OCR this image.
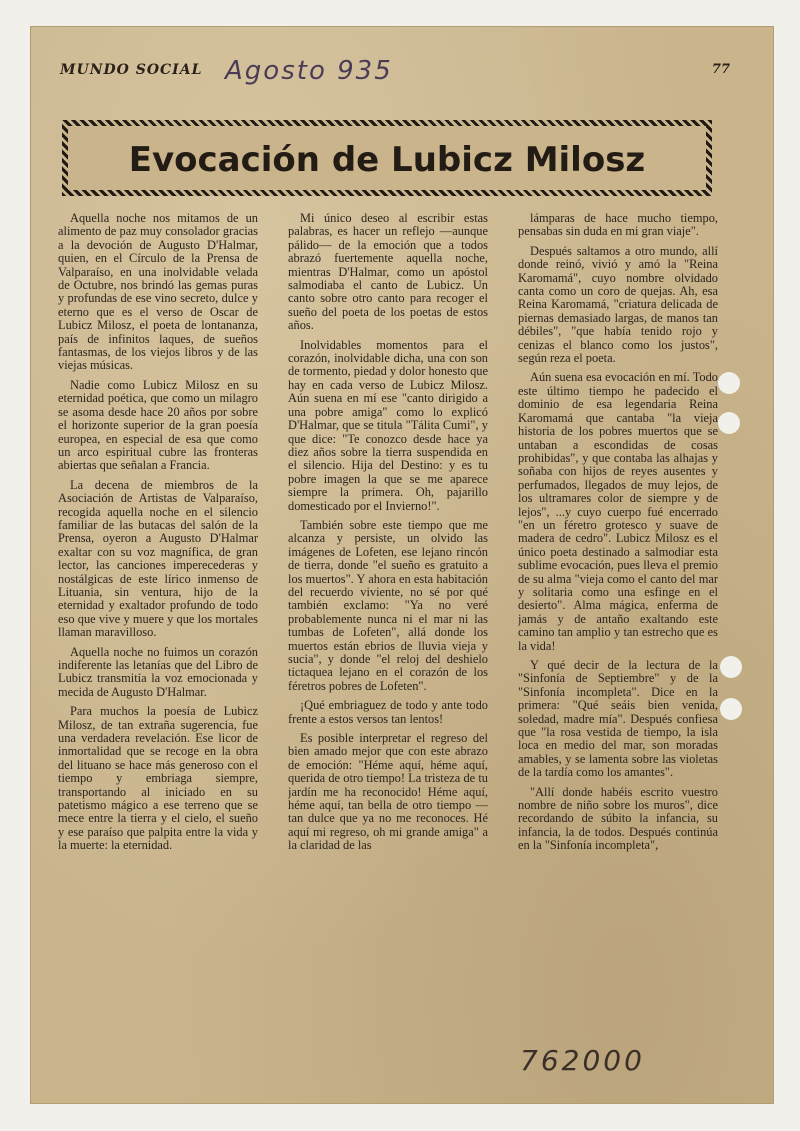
MUNDO SOCIAL Agosto 935	77
Evocación de Lubicz Milosz

Aquella noche nos mitamos de un alimento de paz muy consolador gracias a la devoción de Augusto D'Halmar, quien, en el Círculo de la Prensa de Valparaíso, en una inolvidable velada de Octubre, nos brindó las gemas puras y profundas de ese vino secreto, dulce y eterno que es el verso de Oscar de Lubicz Milosz, el poeta de lontananza, país de infinitos laques, de sueños fantasmas, de los viejos libros y de las viejas músicas.

Nadie como Lubicz Milosz en su eternidad poética, que como un milagro se asoma desde hace 20 años por sobre el horizonte superior de la gran poesía europea, en especial de esa que como un arco espiritual cubre las fronteras abiertas que señalan a Francia.

La decena de miembros de la Asociación de Artistas de Valparaíso, recogida aquella noche en el silencio familiar de las butacas del salón de la Prensa, oyeron a Augusto D'Halmar exaltar con su voz magnífica, de gran lector, las canciones imperecederas y nostálgicas de este lírico inmenso de Lituania, sin ventura, hijo de la eternidad y exaltador profundo de todo eso que vive y muere y que los mortales llaman maravilloso.

Aquella noche no fuimos un corazón indiferente las letanías que del Libro de Lubicz transmitía la voz emocionada y mecida de Augusto D'Halmar.

Para muchos la poesía de Lubicz Milosz, de tan extraña sugerencia, fue una verdadera revelación. Ese licor de inmortalidad que se recoge en la obra del lituano se hace más generoso con el tiempo y embriaga siempre, transportando al iniciado en su patetismo mágico a ese terreno que se mece entre la tierra y el cielo, el sueño y ese paraíso que palpita entre la vida y la muerte: la eternidad.

Mi único deseo al escribir estas palabras, es hacer un reflejo —aunque pálido— de la emoción que a todos abrazó fuertemente aquella noche, mientras D'Halmar, como un apóstol salmodiaba el canto de Lubicz. Un canto sobre otro canto para recoger el sueño del poeta de los poetas de estos años.

Inolvidables momentos para el corazón, inolvidable dicha, una con son de tormento, piedad y dolor honesto que hay en cada verso de Lubicz Milosz. Aún suena en mí ese "canto dirigido a una pobre amiga" como lo explicó D'Halmar, que se titula "Tálita Cumi", y que dice: "Te conozco desde hace ya diez años sobre la tierra suspendida en el silencio. Hija del Destino: y es tu pobre imagen la que se me aparece siempre la primera. Oh, pajarillo domesticado por el Invierno!".

También sobre este tiempo que me alcanza y persiste, un olvido las imágenes de Lofeten, ese lejano rincón de tierra, donde "el sueño es gratuito a los muertos". Y ahora en esta habitación del recuerdo viviente, no sé por qué también exclamo: "Ya no veré probablemente nunca ni el mar ni las tumbas de Lofeten", allá donde los muertos están ebrios de lluvia vieja y sucia", y donde "el reloj del deshielo tictaquea lejano en el corazón de los féretros pobres de Lofeten".

¡Qué embriaguez de todo y ante todo frente a estos versos tan lentos!

Es posible interpretar el regreso del bien amado mejor que con este abrazo de emoción: "Héme aquí, héme aquí, querida de otro tiempo! La tristeza de tu jardín me ha reconocido! Héme aquí, héme aquí, tan bella de otro tiempo —tan dulce que ya no me reconoces. Hé aquí mi regreso, oh mi grande amiga" a la claridad de las

lámparas de hace mucho tiempo, pensabas sin duda en mi gran viaje".

Después saltamos a otro mundo, allí donde reinó, vivió y amó la "Reina Karomamá", cuyo nombre olvidado canta como un coro de quejas. Ah, esa Reina Karomamá, "criatura delicada de piernas demasiado largas, de manos tan débiles", "que había tenido rojo y cenizas el blanco como los justos", según reza el poeta.

Aún suena esa evocación en mí. Todo este último tiempo he padecido el dominio de esa legendaria Reina Karomamá que cantaba "la vieja historia de los pobres muertos que se untaban a escondidas de cosas prohibidas", y que contaba las alhajas y soñaba con hijos de reyes ausentes y perfumados, llegados de muy lejos, de los ultramares color de siempre y de lejos", ...y cuyo cuerpo fué encerrado "en un féretro grotesco y suave de madera de cedro". Lubicz Milosz es el único poeta destinado a salmodiar esta sublime evocación, pues lleva el premio de su alma "vieja como el canto del mar y solitaria como una esfinge en el desierto". Alma mágica, enferma de jamás y de antaño exaltando este camino tan amplio y tan estrecho que es la vida!

Y qué decir de la lectura de la "Sinfonía de Septiembre" y de la "Sinfonía incompleta". Dice en la primera: "Qué seáis bien venida, soledad, madre mía". Después confiesa que "la rosa vestida de tiempo, la isla loca en medio del mar, son moradas amables, y se lamenta sobre las violetas de la tardía como los amantes".

"Allí donde habéis escrito vuestro nombre de niño sobre los muros", dice recordando de súbito la infancia, su infancia, la de todos. Después continúa en la "Sinfonía incompleta",

762000
